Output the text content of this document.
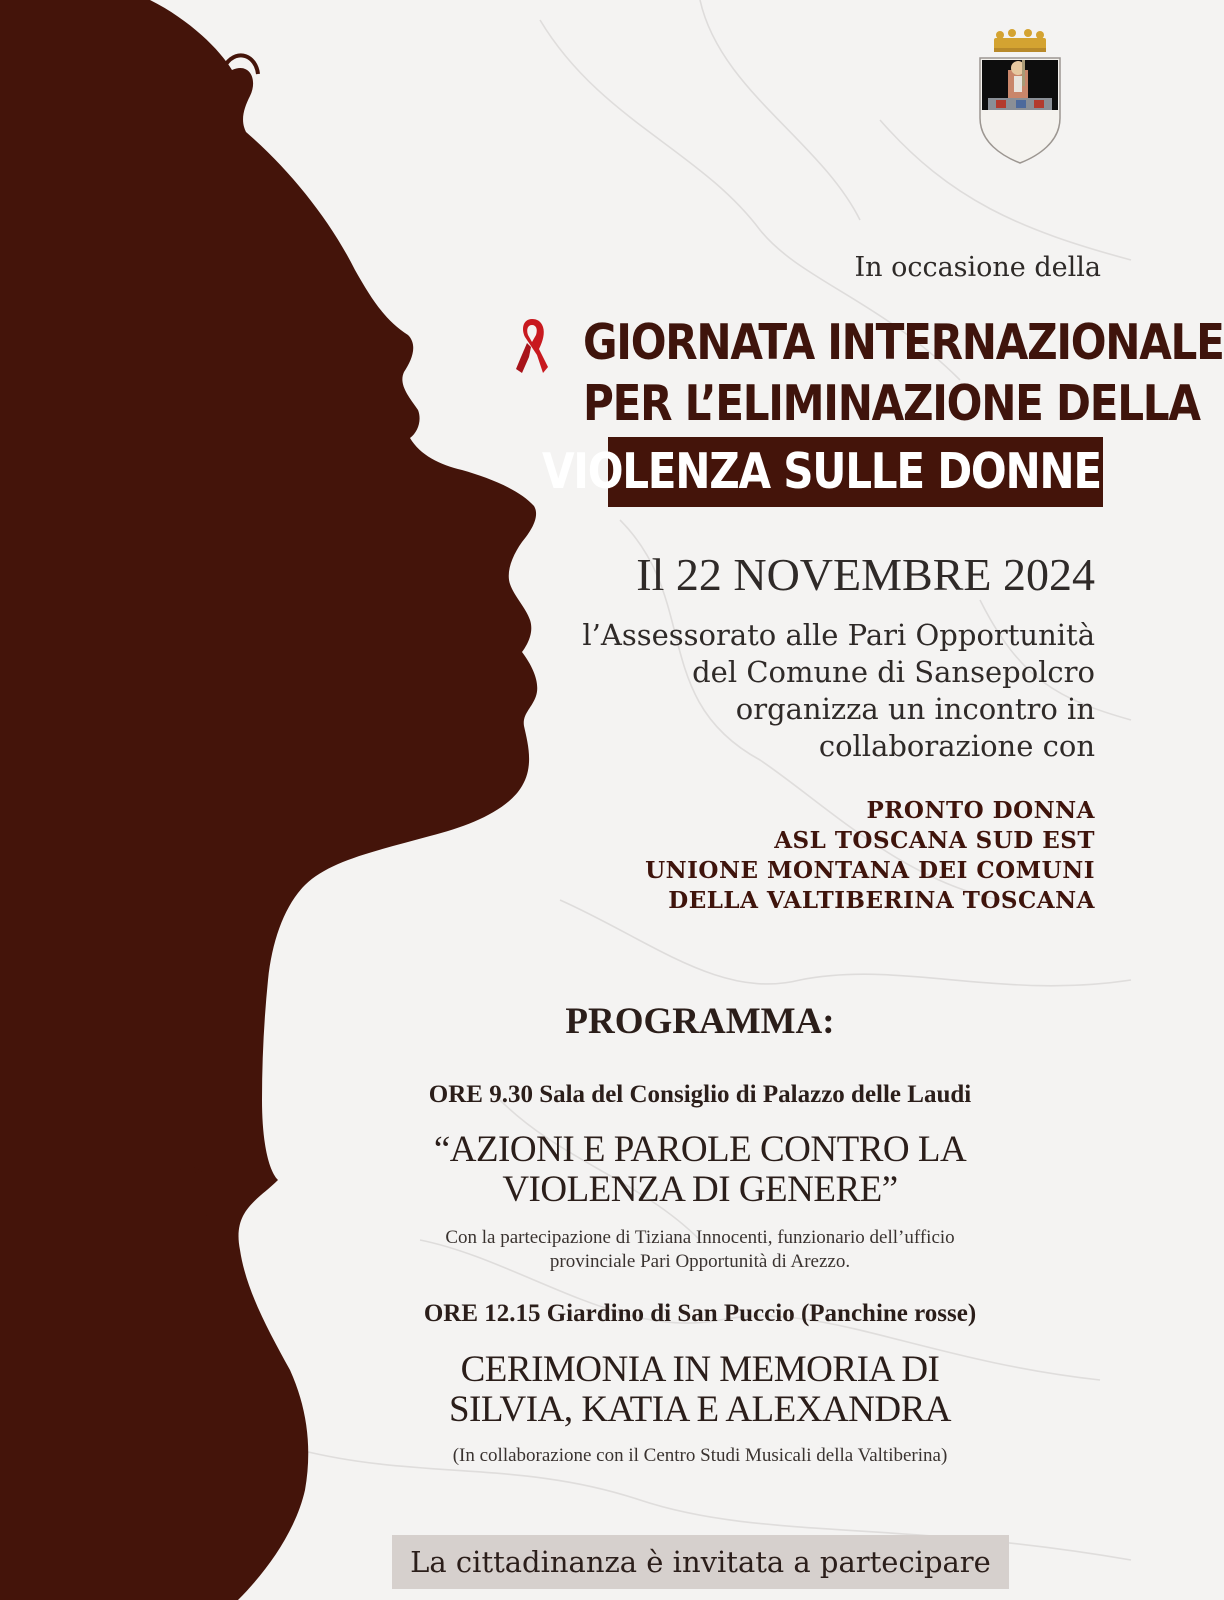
In occasione della
GIORNATA INTERNAZIONALE
PER L’ELIMINAZIONE DELLA
VIOLENZA SULLE DONNE
Il 22 NOVEMBRE 2024
l’Assessorato alle Pari Opportunità
del Comune di Sansepolcro
organizza un incontro in
collaborazione con
PRONTO DONNA
ASL TOSCANA SUD EST
UNIONE MONTANA DEI COMUNI
DELLA VALTIBERINA TOSCANA
PROGRAMMA:
ORE 9.30 Sala del Consiglio di Palazzo delle Laudi
“AZIONI E PAROLE CONTRO LA
VIOLENZA DI GENERE”
Con la partecipazione di Tiziana Innocenti, funzionario dell’ufficio
provinciale Pari Opportunità di Arezzo.
ORE 12.15 Giardino di San Puccio (Panchine rosse)
CERIMONIA IN MEMORIA DI
SILVIA, KATIA E ALEXANDRA
(In collaborazione con il Centro Studi Musicali della Valtiberina)
La cittadinanza è invitata a partecipare
